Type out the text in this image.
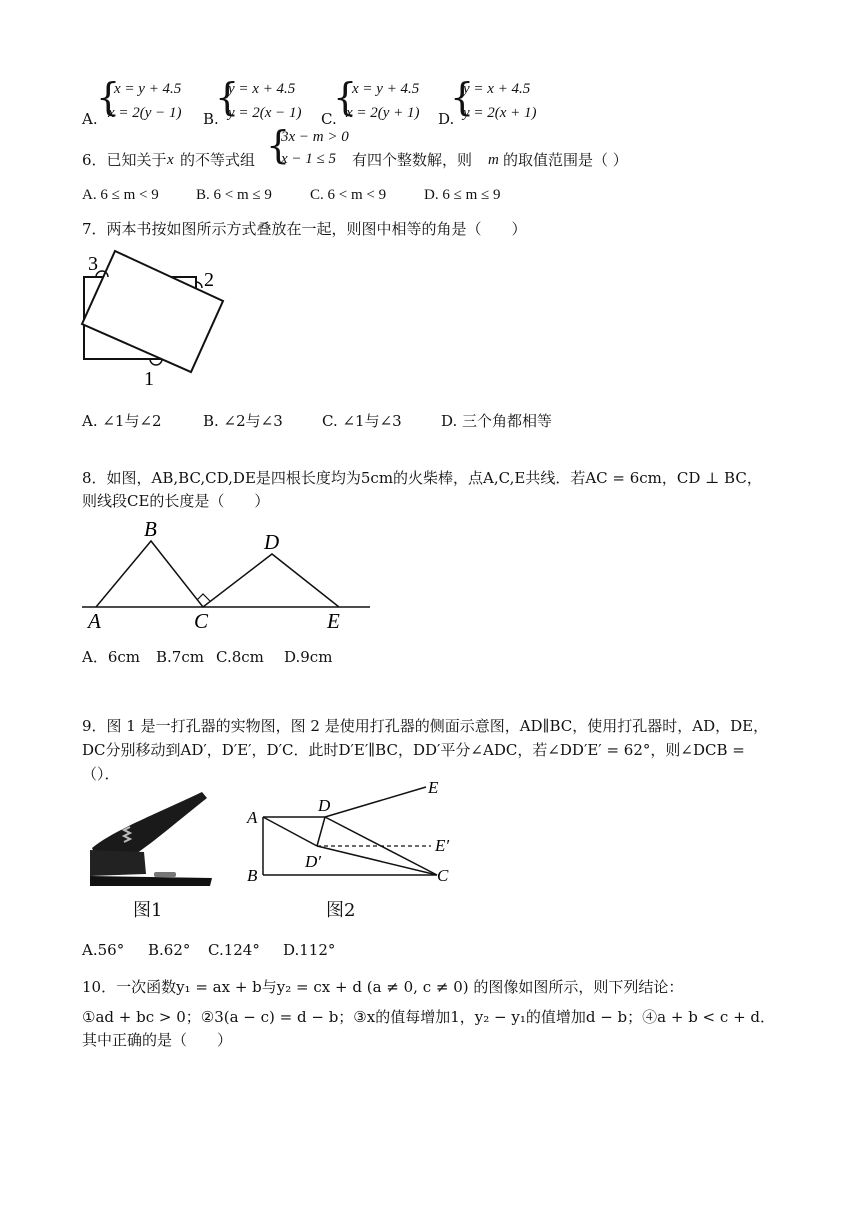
A.
{
x = y + 4.5
x = 2(y − 1) B.
{
y = x + 4.5
y = 2(x − 1) C.
{
x = y + 4.5
x = 2(y + 1) D.
{
y = x + 4.5
y = 2(x + 1)
6．已知关于 x 的不等式组 {
3x − m > 0
x − 1 ≤ 5 有四个整数解，则 m 的取值范围是（ ）
A. 6 ≤ m < 9 B. 6 < m ≤ 9	C. 6 < m < 9	D. 6 ≤ m ≤ 9
7．两本书按如图所示方式叠放在一起，则图中相等的角是（　　）
1
2
3
A. ∠1与∠2	B. ∠2与∠3	C. ∠1与∠3	D. 三个角都相等
8．如图，AB,BC,CD,DE是四根长度均为5cm的火柴棒，点A,C,E共线．若AC = 6cm，CD ⊥ BC，
则线段CE的长度是（　　）
A
B
C
D
E
A．6cm B.7cm C.8cm D.9cm
9．图 1 是一打孔器的实物图，图 2 是使用打孔器的侧面示意图，AD∥BC，使用打孔器时，AD，DE，
DC分别移动到AD′，D′E′，D′C．此时D′E′∥BC，DD′平分∠ADC，若∠DD′E′ = 62°，则∠DCB =
（）．
图1
A
B	C
D
D′
E
E′
图2
A.56° B.62° C.124° D.112°
10．一次函数y₁ = ax + b与y₂ = cx + d (a ≠ 0, c ≠ 0) 的图像如图所示，则下列结论：
①ad + bc > 0；②3(a − c) = d − b；③x的值每增加1，y₂ − y₁的值增加d − b；④a + b < c + d．
其中正确的是（　　）
